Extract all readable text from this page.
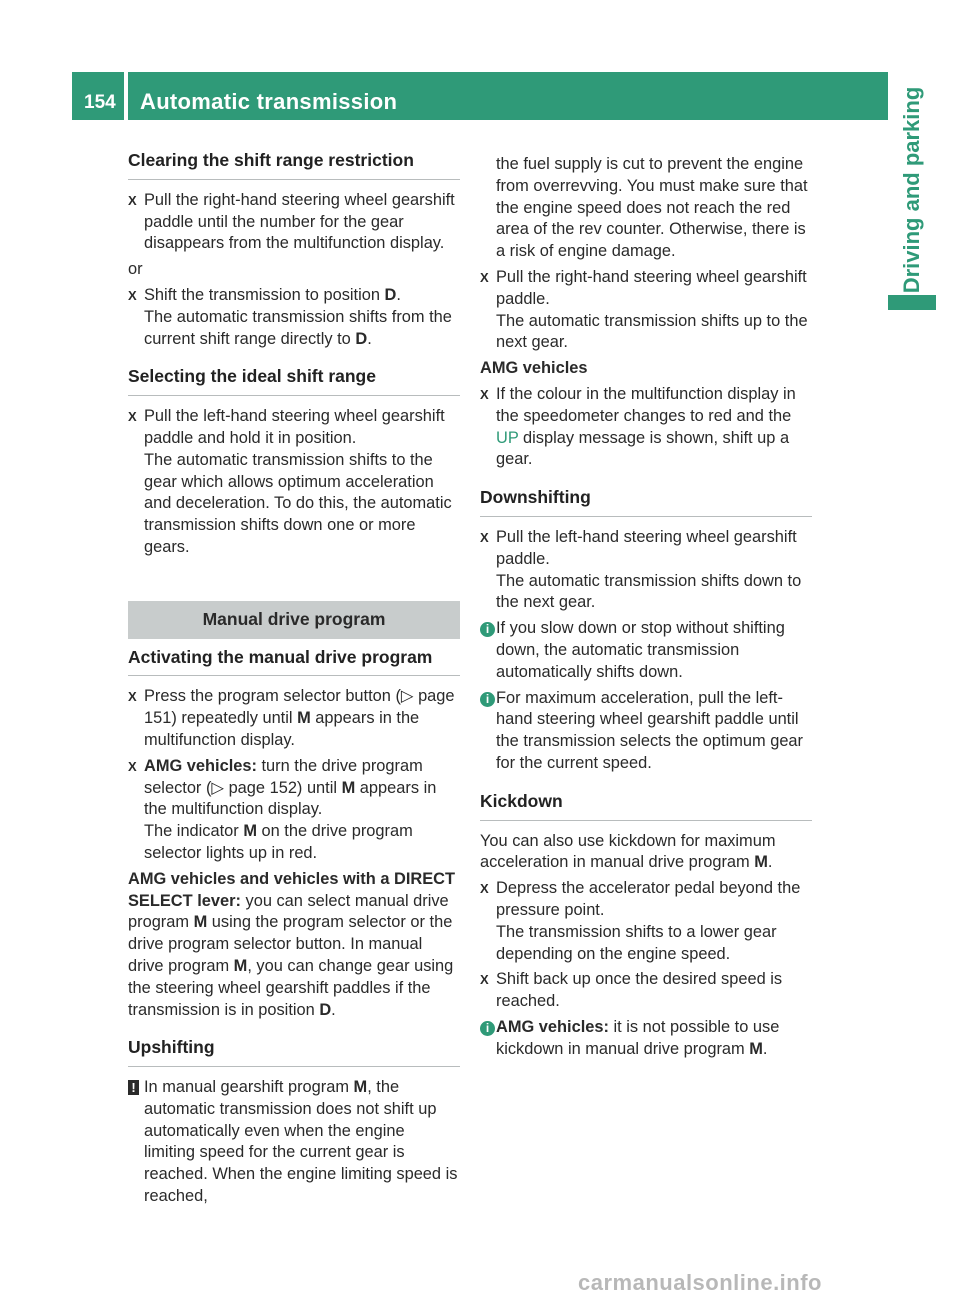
154 Automatic transmission	Driving and parking
Clearing the shift range restriction
X
Pull the right-hand steering wheel gearshift paddle until the number for the gear disappears from the multifunction display.
or
X
Shift the transmission to position D.
The automatic transmission shifts from the current shift range directly to D.
Selecting the ideal shift range
X
Pull the left-hand steering wheel gearshift paddle and hold it in position.
The automatic transmission shifts to the gear which allows optimum acceleration and deceleration. To do this, the automatic transmission shifts down one or more gears.
Manual drive program
Activating the manual drive program
X
Press the program selector button (▷ page 151) repeatedly until M appears in the multifunction display.
X
AMG vehicles: turn the drive program selector (▷ page 152) until M appears in the multifunction display.
The indicator M on the drive program selector lights up in red.
AMG vehicles and vehicles with a DIRECT SELECT lever: you can select manual drive program M using the program selector or the drive program selector button. In manual drive program M, you can change gear using the steering wheel gearshift paddles if the transmission is in position D.
Upshifting
!
In manual gearshift program M, the automatic transmission does not shift up automatically even when the engine limiting speed for the current gear is reached. When the engine limiting speed is reached,
the fuel supply is cut to prevent the engine from overrevving. You must make sure that the engine speed does not reach the red area of the rev counter. Otherwise, there is a risk of engine damage.
X
Pull the right-hand steering wheel gearshift paddle.
The automatic transmission shifts up to the next gear.
AMG vehicles
X
If the colour in the multifunction display in the speedometer changes to red and the UP display message is shown, shift up a gear.
Downshifting
X
Pull the left-hand steering wheel gearshift paddle.
The automatic transmission shifts down to the next gear.
i If you slow down or stop without shifting down, the automatic transmission automatically shifts down.
i For maximum acceleration, pull the left-hand steering wheel gearshift paddle until the transmission selects the optimum gear for the current speed.
Kickdown
You can also use kickdown for maximum acceleration in manual drive program M.
X
Depress the accelerator pedal beyond the pressure point.
The transmission shifts to a lower gear depending on the engine speed.
X
Shift back up once the desired speed is reached.
i AMG vehicles: it is not possible to use kickdown in manual drive program M.
carmanualsonline.info
